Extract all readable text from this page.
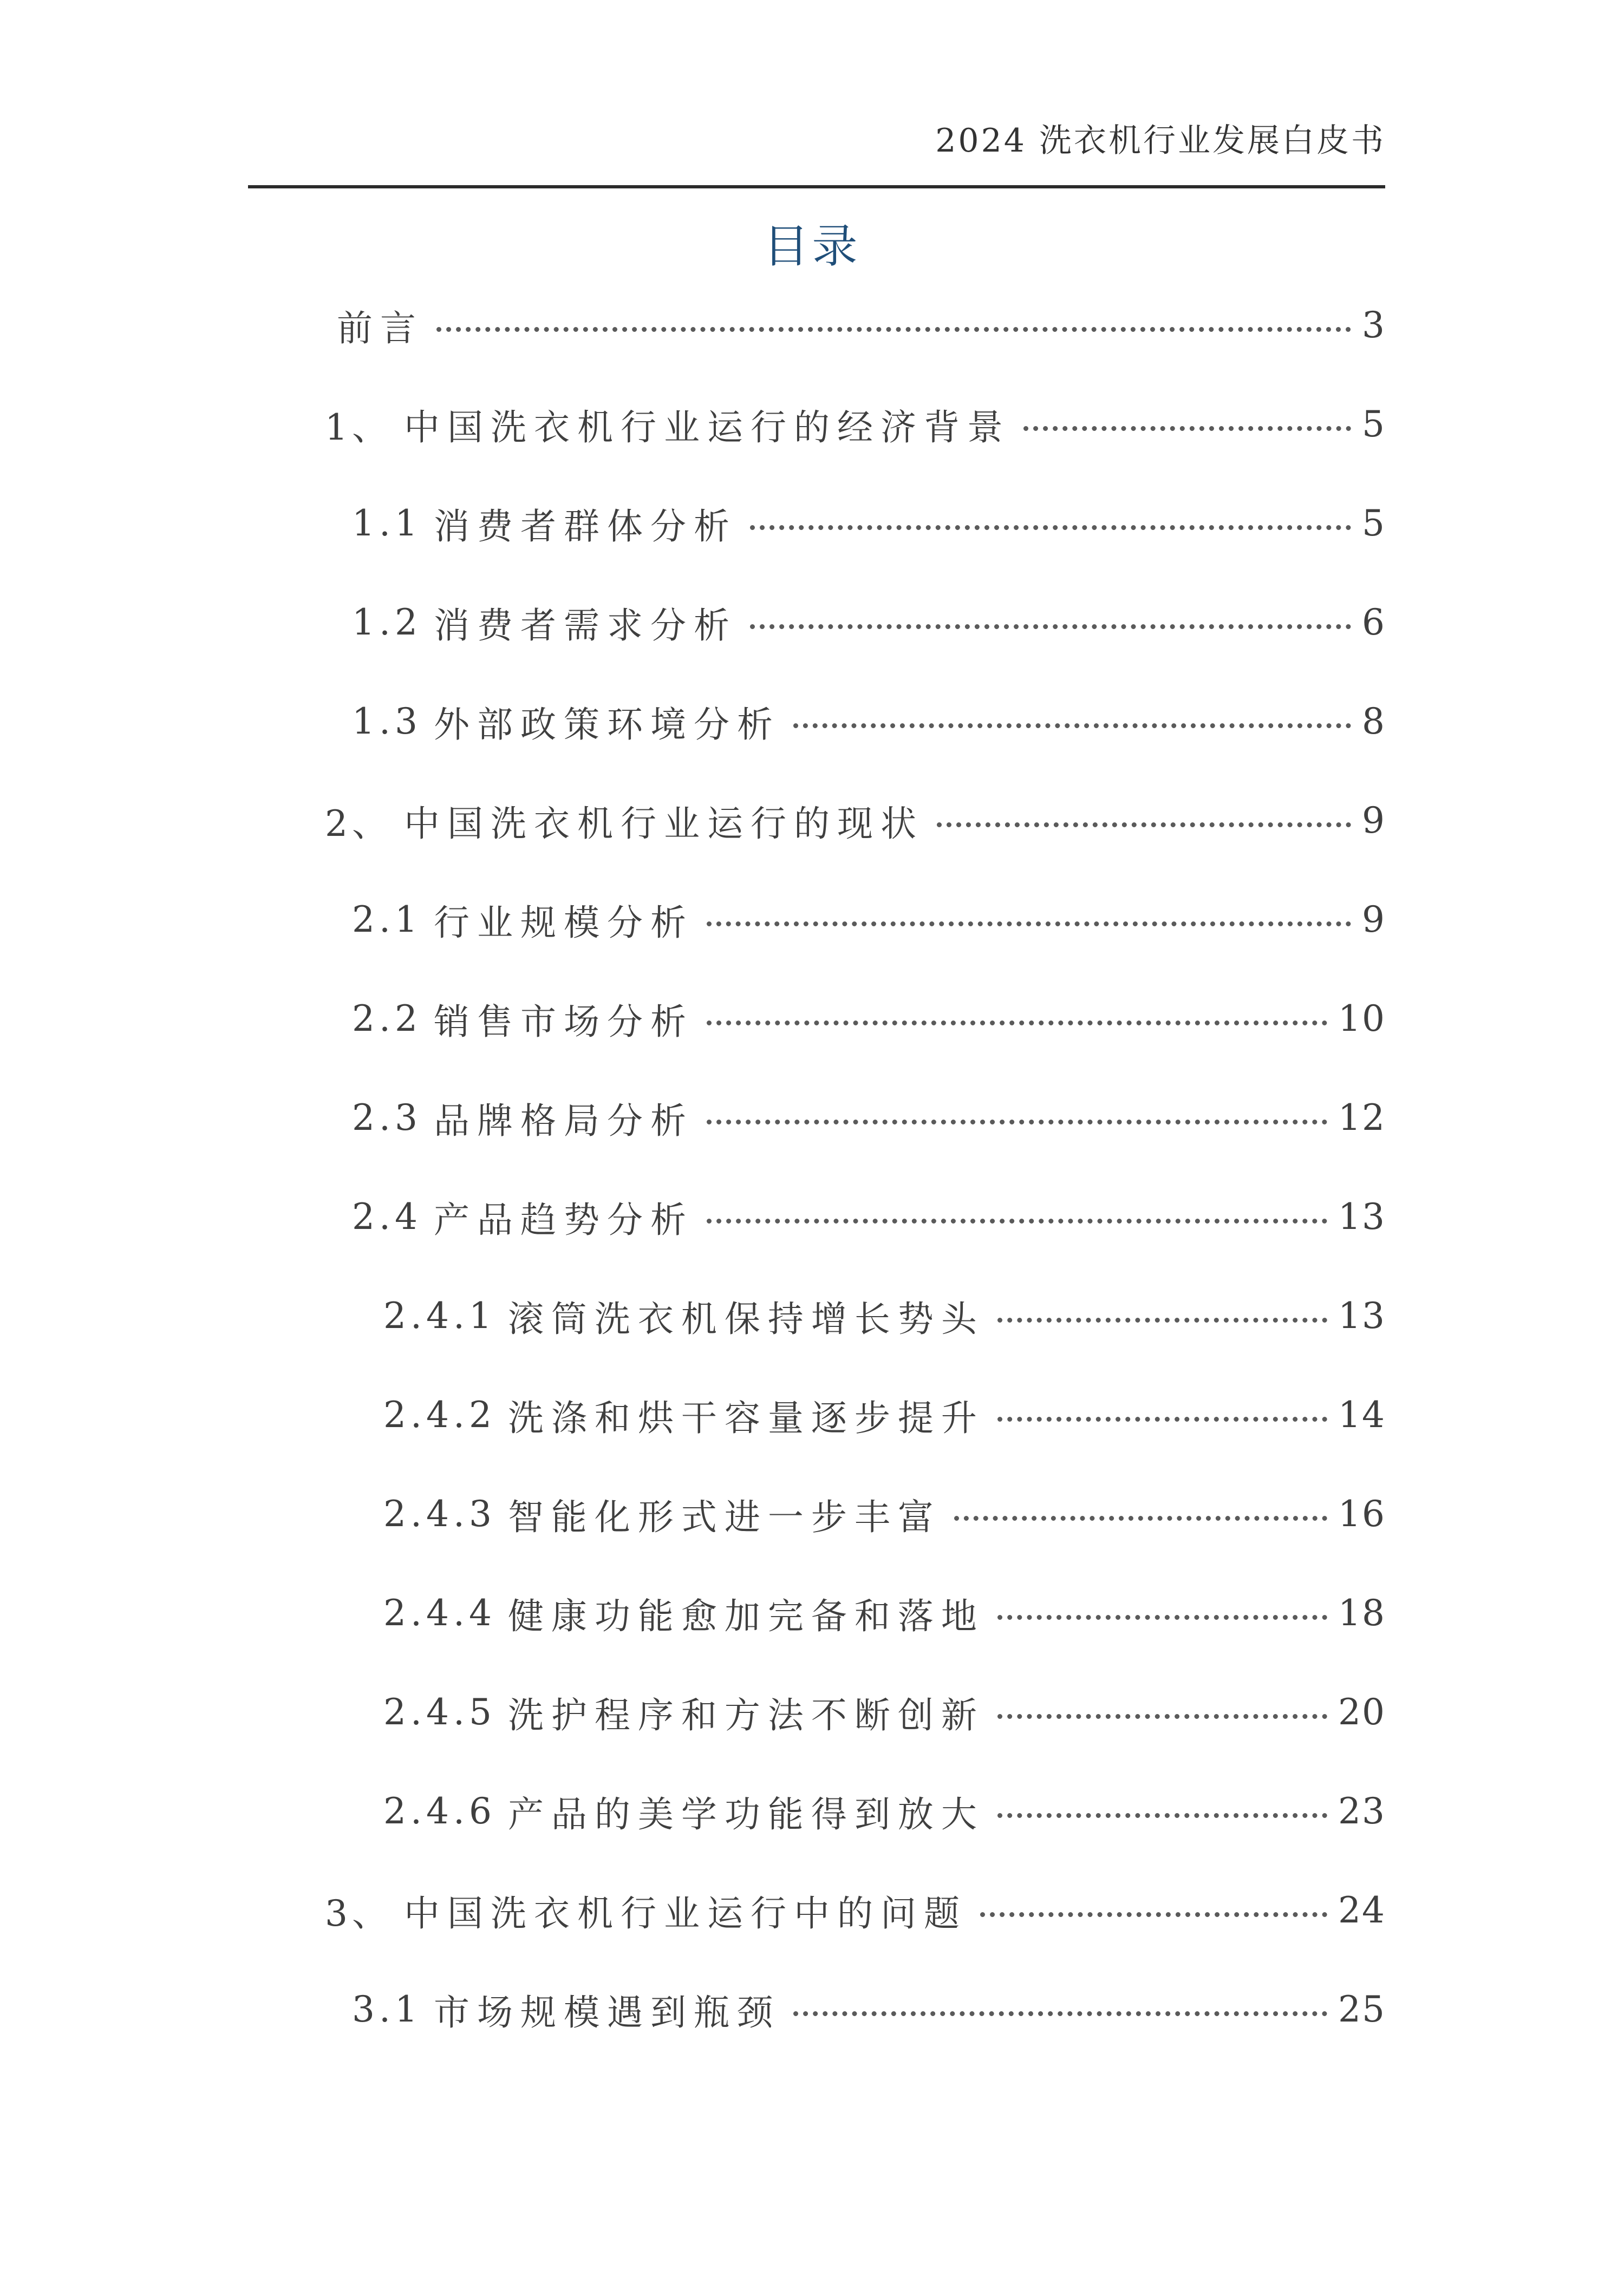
2024 洗衣机行业发展白皮书
目录
前言	3
1、 中国洗衣机行业运行的经济背景	5
1.1 消费者群体分析	5
1.2 消费者需求分析	6
1.3 外部政策环境分析	8
2、 中国洗衣机行业运行的现状	9
2.1 行业规模分析	9
2.2 销售市场分析	10
2.3 品牌格局分析	12
2.4 产品趋势分析	13
2.4.1 滚筒洗衣机保持增长势头	13
2.4.2 洗涤和烘干容量逐步提升	14
2.4.3 智能化形式进一步丰富	16
2.4.4 健康功能愈加完备和落地	18
2.4.5 洗护程序和方法不断创新	20
2.4.6 产品的美学功能得到放大	23
3、 中国洗衣机行业运行中的问题	24
3.1 市场规模遇到瓶颈	25
